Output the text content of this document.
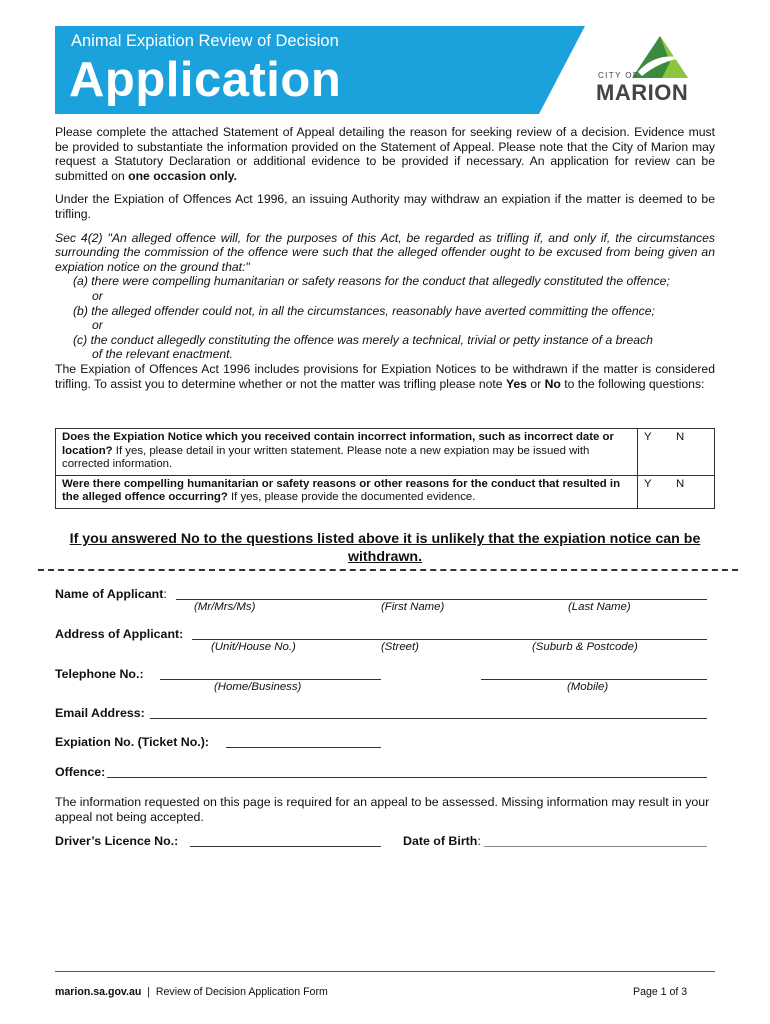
Animal Expiation Review of Decision
Application	CITY OF
MARION

Please complete the attached Statement of Appeal detailing the reason for seeking review of a decision. Evidence must be provided to substantiate the information provided on the Statement of Appeal. Please note that the City of Marion may request a Statutory Declaration or additional evidence to be provided if necessary. An application for review can be submitted on one occasion only.

Under the Expiation of Offences Act 1996, an issuing Authority may withdraw an expiation if the matter is deemed to be trifling.

Sec 4(2) "An alleged offence will, for the purposes of this Act, be regarded as trifling if, and only if, the circumstances surrounding the commission of the offence were such that the alleged offender ought to be excused from being given an expiation notice on the ground that:"

(a) there were compelling humanitarian or safety reasons for the conduct that allegedly constituted the offence;

or

(b) the alleged offender could not, in all the circumstances, reasonably have averted committing the offence;

or

(c) the conduct allegedly constituting the offence was merely a technical, trivial or petty instance of a breach

of the relevant enactment.

The Expiation of Offences Act 1996 includes provisions for Expiation Notices to be withdrawn if the matter is considered trifling. To assist you to determine whether or not the matter was trifling please note Yes or No to the following questions:

Does the Expiation Notice which you received contain incorrect information, such as incorrect date or location? If yes, please detail in your written statement. Please note a new expiation may be issued with corrected information.	Y	N
Were there compelling humanitarian or safety reasons or other reasons for the conduct that resulted in the alleged offence occurring? If yes, please provide the documented evidence.	Y	N
If you answered No to the questions listed above it is unlikely that the expiation notice can be withdrawn.
Name of Applicant:
(Mr/Mrs/Ms)	(First Name)	(Last Name)
Address of Applicant:
(Unit/House No.)	(Street)	(Suburb & Postcode)
Telephone No.:
(Home/Business)	(Mobile)
Email Address:
Expiation No. (Ticket No.):
Offence:
The information requested on this page is required for an appeal to be assessed. Missing information may result in your appeal not being accepted.
Driver’s Licence No.:	Date of Birth:
marion.sa.gov.au  |  Review of Decision Application Form	Page 1 of 3
